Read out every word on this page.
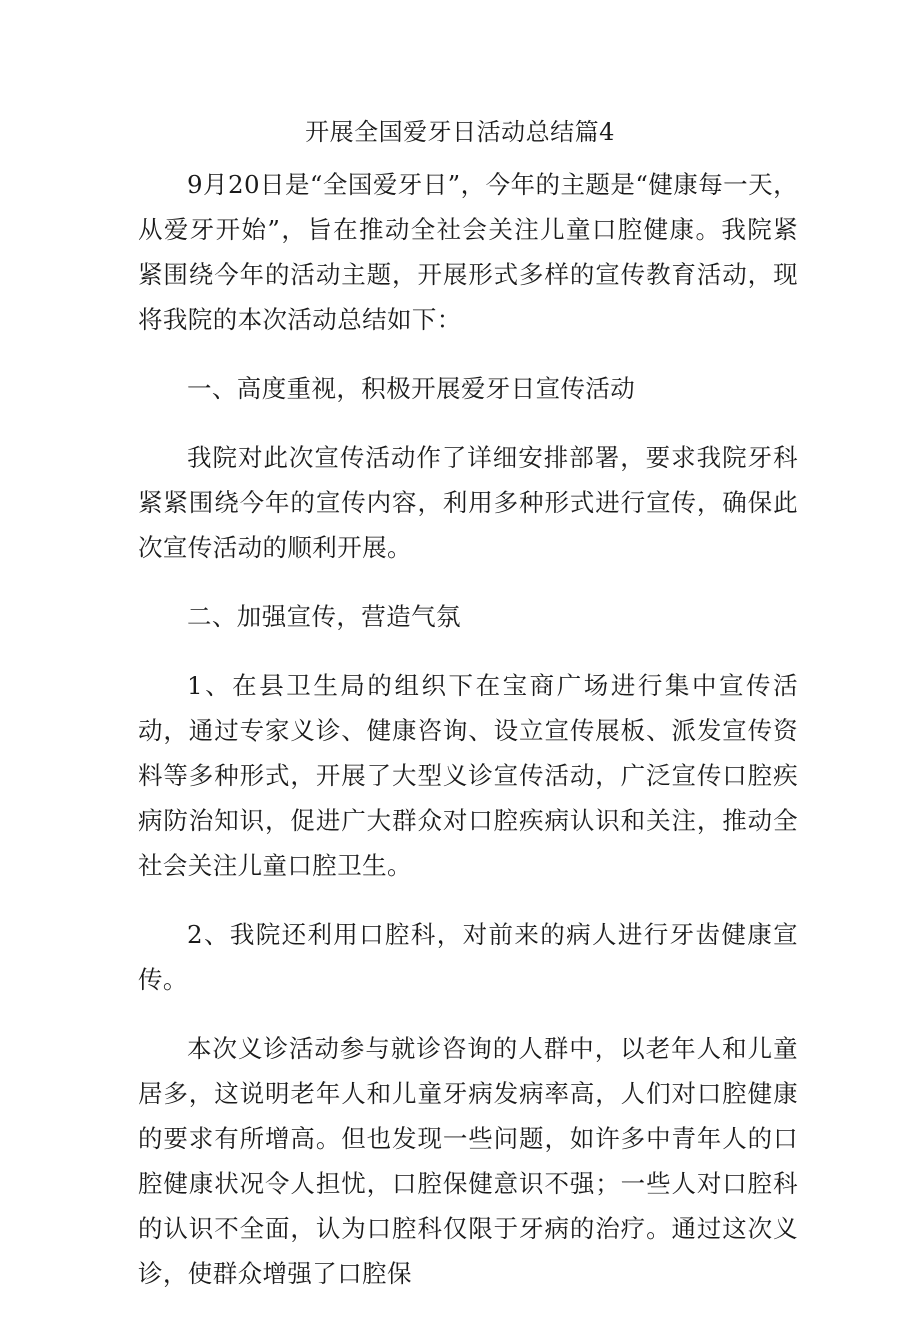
开展全国爱牙日活动总结篇4

9月20日是“全国爱牙日”，今年的主题是“健康每一天，从爱牙开始”，旨在推动全社会关注儿童口腔健康。我院紧紧围绕今年的活动主题，开展形式多样的宣传教育活动，现将我院的本次活动总结如下：

一、高度重视，积极开展爱牙日宣传活动

我院对此次宣传活动作了详细安排部署，要求我院牙科紧紧围绕今年的宣传内容，利用多种形式进行宣传，确保此次宣传活动的顺利开展。

二、加强宣传，营造气氛

1、在县卫生局的组织下在宝商广场进行集中宣传活动，通过专家义诊、健康咨询、设立宣传展板、派发宣传资料等多种形式，开展了大型义诊宣传活动，广泛宣传口腔疾病防治知识，促进广大群众对口腔疾病认识和关注，推动全社会关注儿童口腔卫生。

2、我院还利用口腔科，对前来的病人进行牙齿健康宣传。

本次义诊活动参与就诊咨询的人群中，以老年人和儿童居多，这说明老年人和儿童牙病发病率高，人们对口腔健康的要求有所增高。但也发现一些问题，如许多中青年人的口腔健康状况令人担忧，口腔保健意识不强；一些人对口腔科的认识不全面，认为口腔科仅限于牙病的治疗。通过这次义诊，使群众增强了口腔保
